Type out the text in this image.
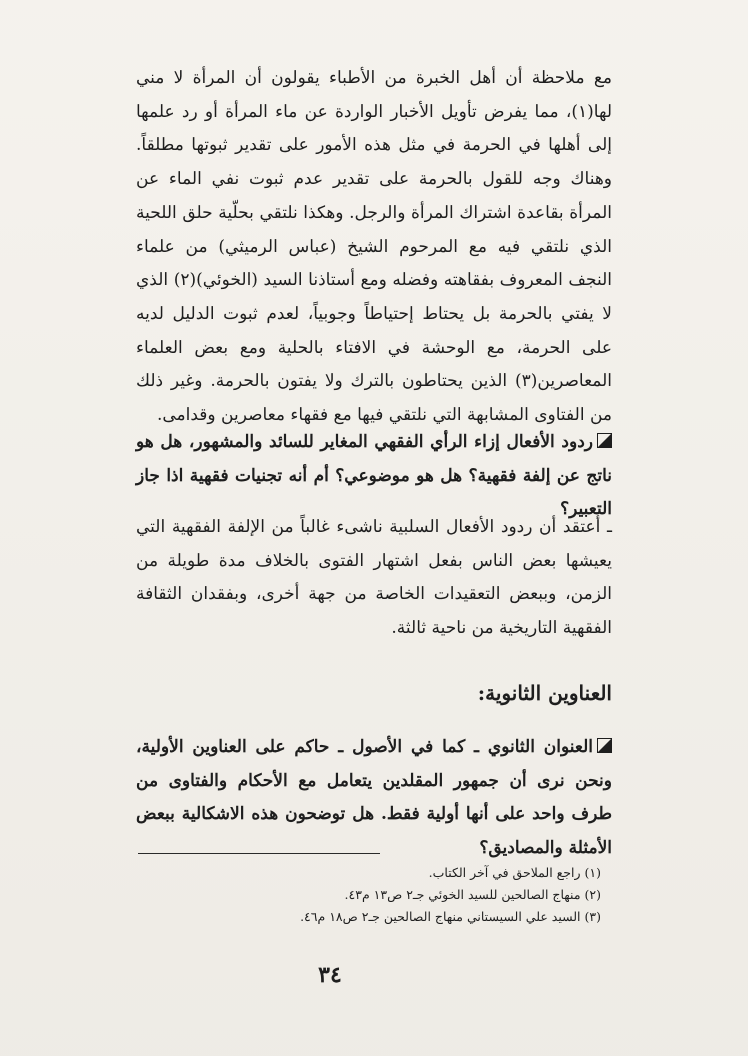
مع ملاحظة أن أهل الخبرة من الأطباء يقولون أن المرأة لا مني لها(١)، مما يفرض تأويل الأخبار الواردة عن ماء المرأة أو رد علمها إلى أهلها في الحرمة في مثل هذه الأمور على تقدير ثبوتها مطلقاً. وهناك وجه للقول بالحرمة على تقدير عدم ثبوت نفي الماء عن المرأة بقاعدة اشتراك المرأة والرجل. وهكذا نلتقي بحلّية حلق اللحية الذي نلتقي فيه مع المرحوم الشيخ (عباس الرميثي) من علماء النجف المعروف بفقاهته وفضله ومع أستاذنا السيد (الخوئي)(٢) الذي لا يفتي بالحرمة بل يحتاط إحتياطاً وجوبياً، لعدم ثبوت الدليل لديه على الحرمة، مع الوحشة في الافتاء بالحلية ومع بعض العلماء المعاصرين(٣) الذين يحتاطون بالترك ولا يفتون بالحرمة. وغير ذلك من الفتاوى المشابهة التي نلتقي فيها مع فقهاء معاصرين وقدامى.
ردود الأفعال إزاء الرأي الفقهي المغاير للسائد والمشهور، هل هو ناتج عن إلفة فقهية؟ هل هو موضوعي؟ أم أنه تجنيات فقهية اذا جاز التعبير؟
ـ أعتقد أن ردود الأفعال السلبية ناشىء غالباً من الإلفة الفقهية التي يعيشها بعض الناس بفعل اشتهار الفتوى بالخلاف مدة طويلة من الزمن، وببعض التعقيدات الخاصة من جهة أخرى، وبفقدان الثقافة الفقهية التاريخية من ناحية ثالثة.
العناوين الثانوية:
العنوان الثانوي ـ كما في الأصول ـ حاكم على العناوين الأولية، ونحن نرى أن جمهور المقلدين يتعامل مع الأحكام والفتاوى من طرف واحد على أنها أولية فقط. هل توضحون هذه الاشكالية ببعض الأمثلة والمصاديق؟
(١) راجع الملاحق في آخر الكتاب.
(٢) منهاج الصالحين للسيد الخوئي جـ٢ ص١٣ م٤٣.
(٣) السيد علي السيستاني منهاج الصالحين جـ٢ ص١٨ م٤٦.
٣٤
